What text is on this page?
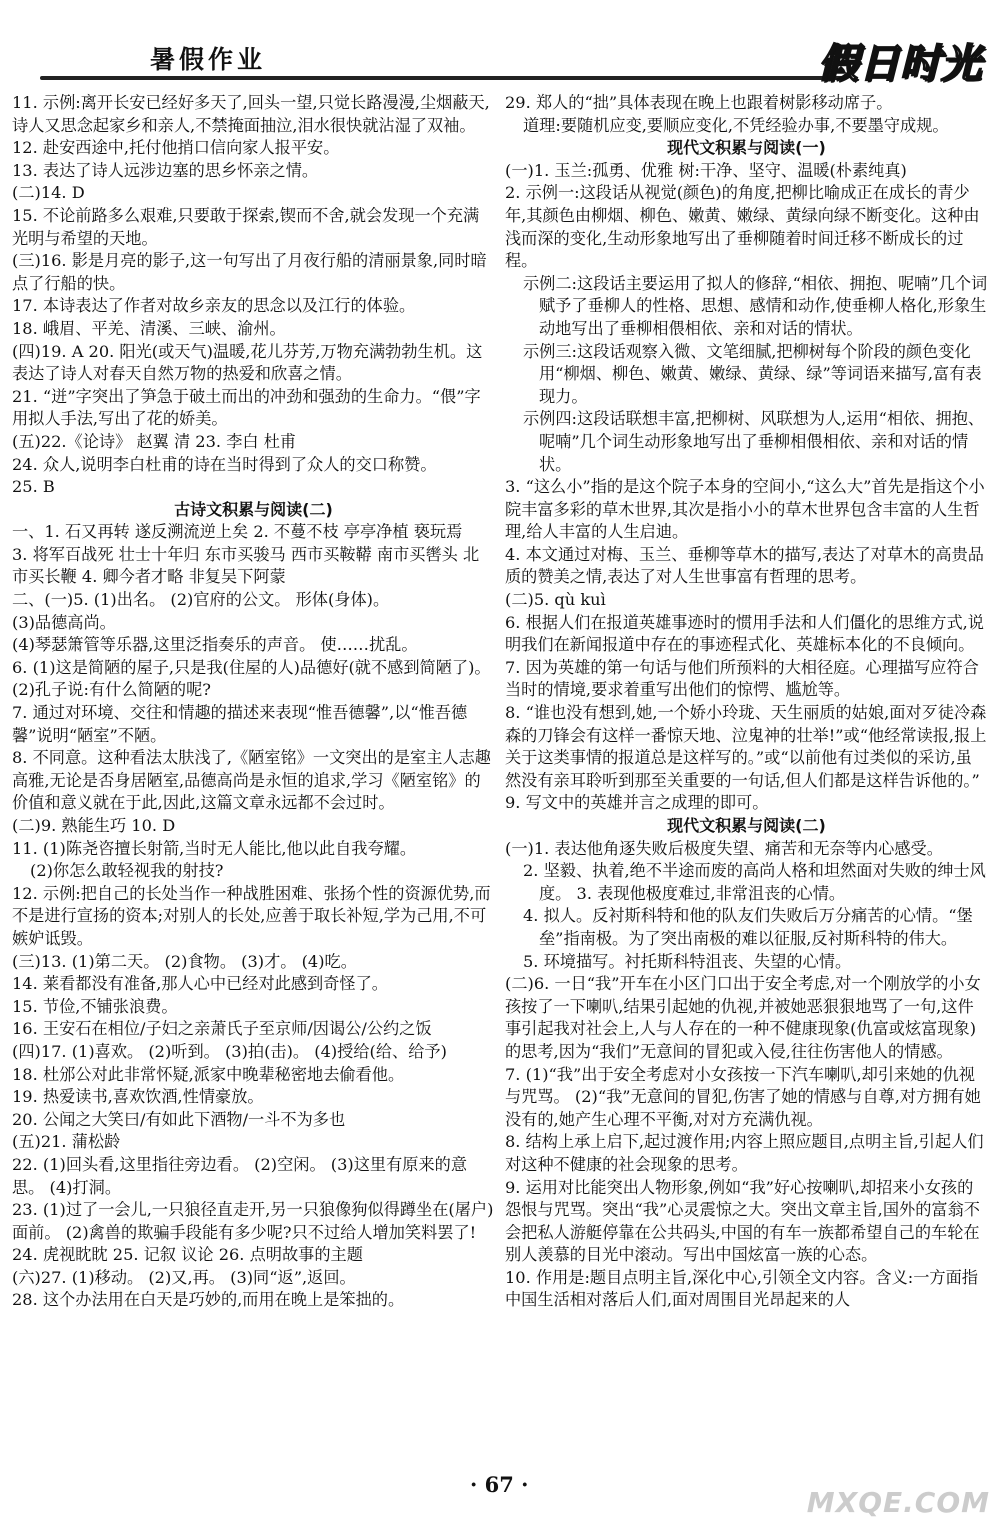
暑假作业	假日时光

11. 示例:离开长安已经好多天了,回头一望,只觉长路漫漫,尘烟蔽天,诗人又思念起家乡和亲人,不禁掩面抽泣,泪水很快就沾湿了双袖。

12. 赴安西途中,托付他捎口信向家人报平安。

13. 表达了诗人远涉边塞的思乡怀亲之情。

(二)14. D

15. 不论前路多么艰难,只要敢于探索,锲而不舍,就会发现一个充满光明与希望的天地。

(三)16. 影是月亮的影子,这一句写出了月夜行船的清丽景象,同时暗点了行船的快。

17. 本诗表达了作者对故乡亲友的思念以及江行的体验。

18. 峨眉、平羌、清溪、三峡、渝州。

(四)19. A 20. 阳光(或天气)温暖,花儿芬芳,万物充满勃勃生机。这表达了诗人对春天自然万物的热爱和欣喜之情。

21. “迸”字突出了笋急于破土而出的冲劲和强劲的生命力。“偎”字用拟人手法,写出了花的娇美。

(五)22.《论诗》 赵翼 清 23. 李白 杜甫

24. 众人,说明李白杜甫的诗在当时得到了众人的交口称赞。

25. B

古诗文积累与阅读(二)

一、1. 石又再转 遂反溯流逆上矣 2. 不蔓不枝 亭亭净植 亵玩焉

3. 将军百战死 壮士十年归 东市买骏马 西市买鞍鞯 南市买辔头 北市买长鞭 4. 卿今者才略 非复吴下阿蒙

二、(一)5. (1)出名。 (2)官府的公文。 形体(身体)。

(3)品德高尚。

(4)琴瑟箫管等乐器,这里泛指奏乐的声音。 使……扰乱。

6. (1)这是简陋的屋子,只是我(住屋的人)品德好(就不感到简陋了)。 (2)孔子说:有什么简陋的呢?

7. 通过对环境、交往和情趣的描述来表现“惟吾德馨”,以“惟吾德馨”说明“陋室”不陋。

8. 不同意。这种看法太肤浅了,《陋室铭》一文突出的是室主人志趣高雅,无论是否身居陋室,品德高尚是永恒的追求,学习《陋室铭》的价值和意义就在于此,因此,这篇文章永远都不会过时。

(二)9. 熟能生巧 10. D

11. (1)陈尧咨擅长射箭,当时无人能比,他以此自我夸耀。

(2)你怎么敢轻视我的射技?

12. 示例:把自己的长处当作一种战胜困难、张扬个性的资源优势,而不是进行宣扬的资本;对别人的长处,应善于取长补短,学为己用,不可嫉妒诋毁。

(三)13. (1)第二天。 (2)食物。 (3)才。 (4)吃。

14. 莱看都没有准备,那人心中已经对此感到奇怪了。

15. 节俭,不铺张浪费。

16. 王安石在相位/子妇之亲萧氏子至京师/因谒公/公约之饭

(四)17. (1)喜欢。 (2)听到。 (3)拍(击)。 (4)授给(给、给予)

18. 杜邠公对此非常怀疑,派家中晚辈秘密地去偷看他。

19. 热爱读书,喜欢饮酒,性情豪放。

20. 公闻之大笑曰/有如此下酒物/一斗不为多也

(五)21. 蒲松龄

22. (1)回头看,这里指往旁边看。 (2)空闲。 (3)这里有原来的意思。 (4)打洞。

23. (1)过了一会儿,一只狼径直走开,另一只狼像狗似得蹲坐在(屠户)面前。 (2)禽兽的欺骗手段能有多少呢?只不过给人增加笑料罢了!

24. 虎视眈眈 25. 记叙 议论 26. 点明故事的主题

(六)27. (1)移动。 (2)又,再。 (3)同“返”,返回。

28. 这个办法用在白天是巧妙的,而用在晚上是笨拙的。

29. 郑人的“拙”具体表现在晚上也跟着树影移动席子。

道理:要随机应变,要顺应变化,不凭经验办事,不要墨守成规。

现代文积累与阅读(一)

(一)1. 玉兰:孤勇、优雅 树:干净、坚守、温暖(朴素纯真)

2. 示例一:这段话从视觉(颜色)的角度,把柳比喻成正在成长的青少年,其颜色由柳烟、柳色、嫩黄、嫩绿、黄绿向绿不断变化。这种由浅而深的变化,生动形象地写出了垂柳随着时间迁移不断成长的过程。

示例二:这段话主要运用了拟人的修辞,“相依、拥抱、呢喃”几个词赋予了垂柳人的性格、思想、感情和动作,使垂柳人格化,形象生动地写出了垂柳相偎相依、亲和对话的情状。

示例三:这段话观察入微、文笔细腻,把柳树每个阶段的颜色变化用“柳烟、柳色、嫩黄、嫩绿、黄绿、绿”等词语来描写,富有表现力。

示例四:这段话联想丰富,把柳树、风联想为人,运用“相依、拥抱、呢喃”几个词生动形象地写出了垂柳相偎相依、亲和对话的情状。

3. “这么小”指的是这个院子本身的空间小,“这么大”首先是指这个小院丰富多彩的草木世界,其次是指小小的草木世界包含丰富的人生哲理,给人丰富的人生启迪。

4. 本文通过对梅、玉兰、垂柳等草木的描写,表达了对草木的高贵品质的赞美之情,表达了对人生世事富有哲理的思考。

(二)5. qù kuì

6. 根据人们在报道英雄事迹时的惯用手法和人们僵化的思维方式,说明我们在新闻报道中存在的事迹程式化、英雄标本化的不良倾向。

7. 因为英雄的第一句话与他们所预料的大相径庭。心理描写应符合当时的情境,要求着重写出他们的惊愕、尴尬等。

8. “谁也没有想到,她,一个娇小玲珑、天生丽质的姑娘,面对歹徒冷森森的刀锋会有这样一番惊天地、泣鬼神的壮举!”或“他经常读报,报上关于这类事情的报道总是这样写的。”或“以前他有过类似的采访,虽然没有亲耳聆听到那至关重要的一句话,但人们都是这样告诉他的。”

9. 写文中的英雄并言之成理的即可。

现代文积累与阅读(二)

(一)1. 表达他角逐失败后极度失望、痛苦和无奈等内心感受。

2. 坚毅、执着,绝不半途而废的高尚人格和坦然面对失败的绅士风度。 3. 表现他极度难过,非常沮丧的心情。

4. 拟人。反衬斯科特和他的队友们失败后万分痛苦的心情。“堡垒”指南极。为了突出南极的难以征服,反衬斯科特的伟大。

5. 环境描写。衬托斯科特沮丧、失望的心情。

(二)6. 一日“我”开车在小区门口出于安全考虑,对一个刚放学的小女孩按了一下喇叭,结果引起她的仇视,并被她恶狠狠地骂了一句,这件事引起我对社会上,人与人存在的一种不健康现象(仇富或炫富现象)的思考,因为“我们”无意间的冒犯或入侵,往往伤害他人的情感。

7. (1)“我”出于安全考虑对小女孩按一下汽车喇叭,却引来她的仇视与咒骂。 (2)“我”无意间的冒犯,伤害了她的情感与自尊,对方拥有她没有的,她产生心理不平衡,对对方充满仇视。

8. 结构上承上启下,起过渡作用;内容上照应题目,点明主旨,引起人们对这种不健康的社会现象的思考。

9. 运用对比能突出人物形象,例如“我”好心按喇叭,却招来小女孩的怨恨与咒骂。突出“我”心灵震惊之大。突出文章主旨,国外的富翁不会把私人游艇停靠在公共码头,中国的有车一族都希望自己的车轮在别人羡慕的目光中滚动。写出中国炫富一族的心态。

10. 作用是:题目点明主旨,深化中心,引领全文内容。含义:一方面指中国生活相对落后人们,面对周围目光昂起来的人

· 67 ·
MXQE.COM
